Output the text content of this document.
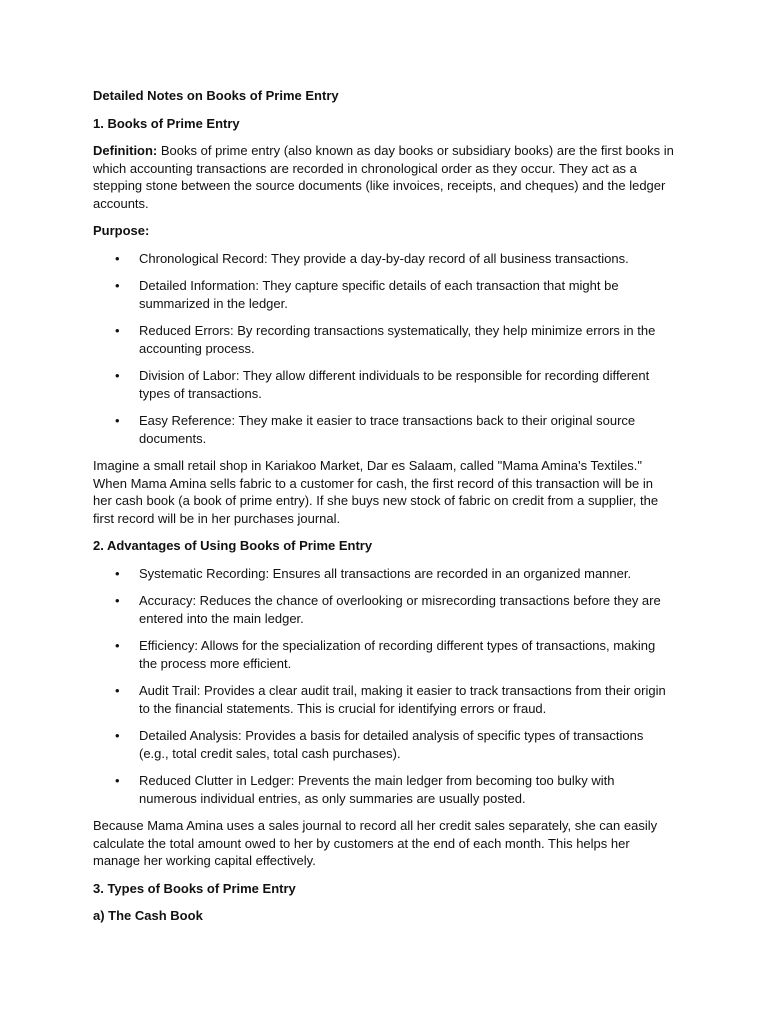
Detailed Notes on Books of Prime Entry
1. Books of Prime Entry

Definition: Books of prime entry (also known as day books or subsidiary books) are the first books in which accounting transactions are recorded in chronological order as they occur. They act as a stepping stone between the source documents (like invoices, receipts, and cheques) and the ledger accounts.

Purpose:

• Chronological Record: They provide a day-by-day record of all business transactions.
• Detailed Information: They capture specific details of each transaction that might be summarized in the ledger.
• Reduced Errors: By recording transactions systematically, they help minimize errors in the accounting process.
• Division of Labor: They allow different individuals to be responsible for recording different types of transactions.
• Easy Reference: They make it easier to trace transactions back to their original source documents.

Imagine a small retail shop in Kariakoo Market, Dar es Salaam, called "Mama Amina's Textiles." When Mama Amina sells fabric to a customer for cash, the first record of this transaction will be in her cash book (a book of prime entry). If she buys new stock of fabric on credit from a supplier, the first record will be in her purchases journal.

2. Advantages of Using Books of Prime Entry
• Systematic Recording: Ensures all transactions are recorded in an organized manner.
• Accuracy: Reduces the chance of overlooking or misrecording transactions before they are entered into the main ledger.
• Efficiency: Allows for the specialization of recording different types of transactions, making the process more efficient.
• Audit Trail: Provides a clear audit trail, making it easier to track transactions from their origin to the financial statements. This is crucial for identifying errors or fraud.
• Detailed Analysis: Provides a basis for detailed analysis of specific types of transactions (e.g., total credit sales, total cash purchases).
• Reduced Clutter in Ledger: Prevents the main ledger from becoming too bulky with numerous individual entries, as only summaries are usually posted.

Because Mama Amina uses a sales journal to record all her credit sales separately, she can easily calculate the total amount owed to her by customers at the end of each month. This helps her manage her working capital effectively.

3. Types of Books of Prime Entry
a) The Cash Book
